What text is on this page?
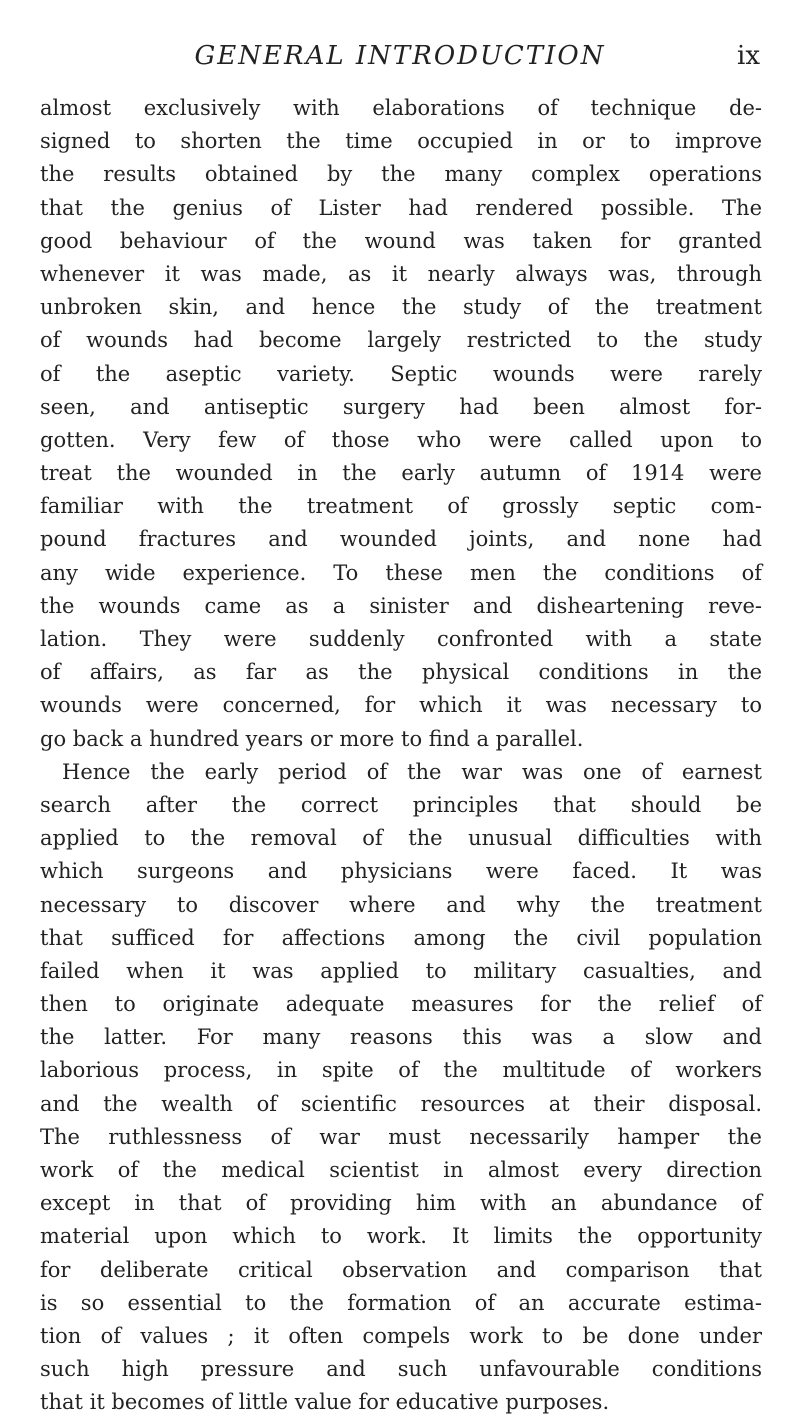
GENERAL INTRODUCTION	ix
almost exclusively with elaborations of technique de-
signed to shorten the time occupied in or to improve
the results obtained by the many complex operations
that the genius of Lister had rendered possible. The
good behaviour of the wound was taken for granted
whenever it was made, as it nearly always was, through
unbroken skin, and hence the study of the treatment
of wounds had become largely restricted to the study
of the aseptic variety. Septic wounds were rarely
seen, and antiseptic surgery had been almost for-
gotten. Very few of those who were called upon to
treat the wounded in the early autumn of 1914 were
familiar with the treatment of grossly septic com-
pound fractures and wounded joints, and none had
any wide experience. To these men the conditions of
the wounds came as a sinister and disheartening reve-
lation. They were suddenly confronted with a state
of affairs, as far as the physical conditions in the
wounds were concerned, for which it was necessary to
go back a hundred years or more to find a parallel.
Hence the early period of the war was one of earnest
search after the correct principles that should be
applied to the removal of the unusual difficulties with
which surgeons and physicians were faced. It was
necessary to discover where and why the treatment
that sufficed for affections among the civil population
failed when it was applied to military casualties, and
then to originate adequate measures for the relief of
the latter. For many reasons this was a slow and
laborious process, in spite of the multitude of workers
and the wealth of scientific resources at their disposal.
The ruthlessness of war must necessarily hamper the
work of the medical scientist in almost every direction
except in that of providing him with an abundance of
material upon which to work. It limits the opportunity
for deliberate critical observation and comparison that
is so essential to the formation of an accurate estima-
tion of values ; it often compels work to be done under
such high pressure and such unfavourable conditions
that it becomes of little value for educative purposes.
